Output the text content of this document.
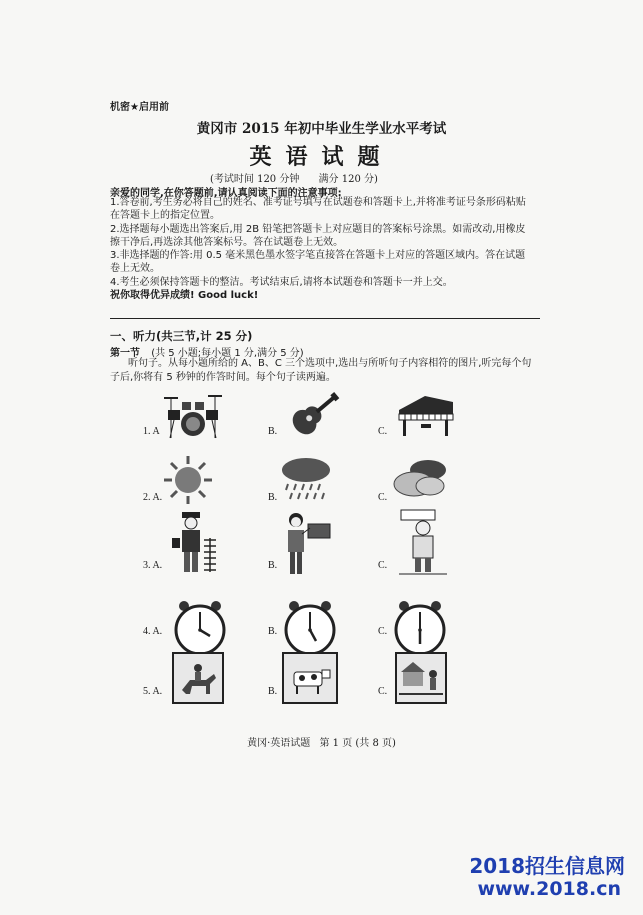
机密★启用前
黄冈市 2015 年初中毕业生学业水平考试
英语试题
(考试时间 120 分钟 满分 120 分)
亲爱的同学,在你答题前,请认真阅读下面的注意事项:

1.答卷前,考生务必将自己的姓名、准考证号填写在试题卷和答题卡上,并将准考证号条形码粘贴在答题卡上的指定位置。

2.选择题每小题选出答案后,用 2B 铅笔把答题卡上对应题目的答案标号涂黑。如需改动,用橡皮擦干净后,再选涂其他答案标号。答在试题卷上无效。

3.非选择题的作答:用 0.5 毫米黑色墨水签字笔直接答在答题卡上对应的答题区域内。答在试题卷上无效。

4.考生必须保持答题卡的整洁。考试结束后,请将本试题卷和答题卡一并上交。

祝你取得优异成绩! Good luck!

一、听力(共三节,计 25 分)
第一节 (共 5 小题;每小题 1 分,满分 5 分)
听句子。从每小题所给的 A、B、C 三个选项中,选出与所听句子内容相符的图片,听完每个句子后,你将有 5 秒钟的作答时间。每个句子读两遍。
1. A	B.	C.
2. A.	B.	C.
3. A.	B.	C.
4. A.	B.	C.
5. A.	B.	C.
黄冈·英语试题 第 1 页 (共 8 页)
2018招生信息网
www.2018.cn
